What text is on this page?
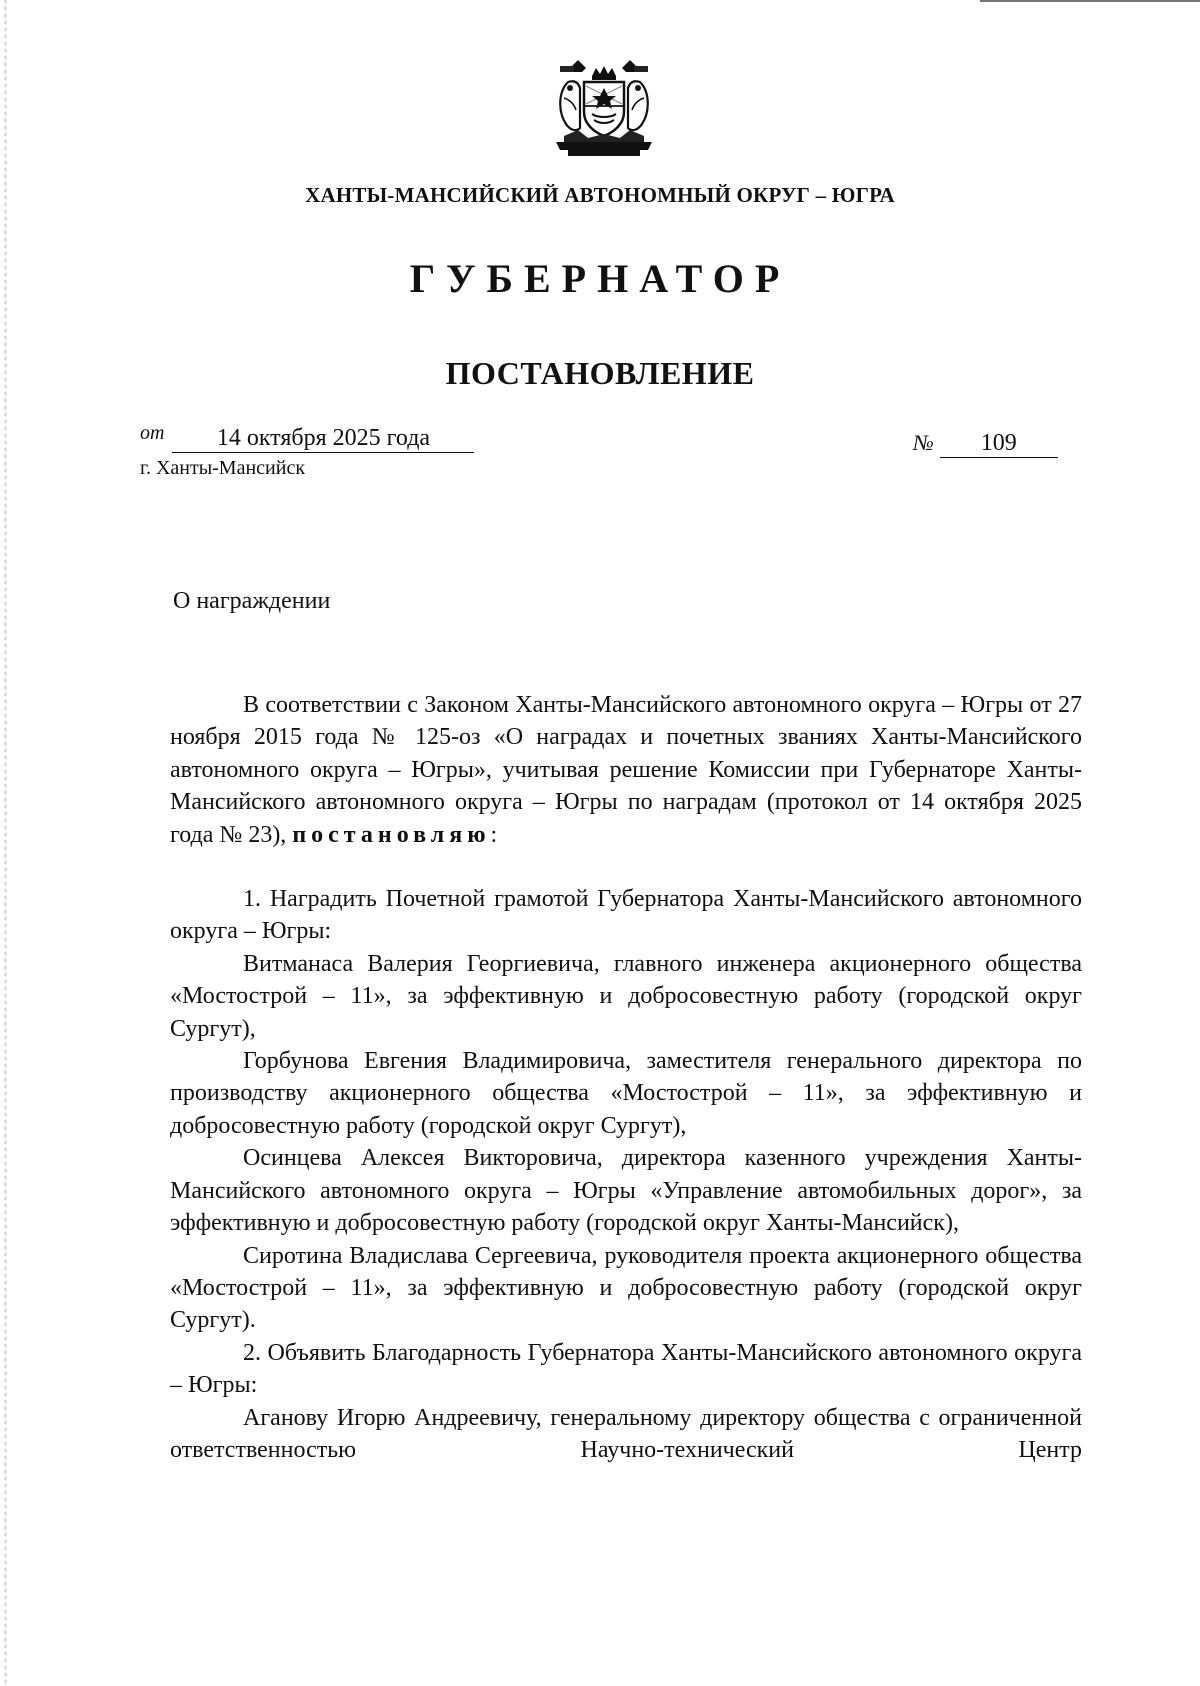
ХАНТЫ-МАНСИЙСКИЙ АВТОНОМНЫЙ ОКРУГ – ЮГРА
ГУБЕРНАТОР
ПОСТАНОВЛЕНИЕ
$^{от}$ 14 октября 2025 года	№ 109
г. Ханты-Мансийск
О награждении

В соответствии с Законом Ханты-Мансийского автономного округа – Югры от 27 ноября 2015 года № 125-оз «О наградах и почетных званиях Ханты-Мансийского автономного округа – Югры», учитывая решение Комиссии при Губернаторе Ханты-Мансийского автономного округа – Югры по наградам (протокол от 14 октября 2025 года № 23), постановляю:

1. Наградить Почетной грамотой Губернатора Ханты-Мансийского автономного округа – Югры:

Витманаса Валерия Георгиевича, главного инженера акционерного общества «Мостострой – 11», за эффективную и добросовестную работу (городской округ Сургут),

Горбунова Евгения Владимировича, заместителя генерального директора по производству акционерного общества «Мостострой – 11», за эффективную и добросовестную работу (городской округ Сургут),

Осинцева Алексея Викторовича, директора казенного учреждения Ханты-Мансийского автономного округа – Югры «Управление автомобильных дорог», за эффективную и добросовестную работу (городской округ Ханты-Мансийск),

Сиротина Владислава Сергеевича, руководителя проекта акционерного общества «Мостострой – 11», за эффективную и добросовестную работу (городской округ Сургут).

2. Объявить Благодарность Губернатора Ханты-Мансийского автономного округа – Югры:

Аганову Игорю Андреевичу, генеральному директору общества с ограниченной ответственностью Научно-технический Центр
